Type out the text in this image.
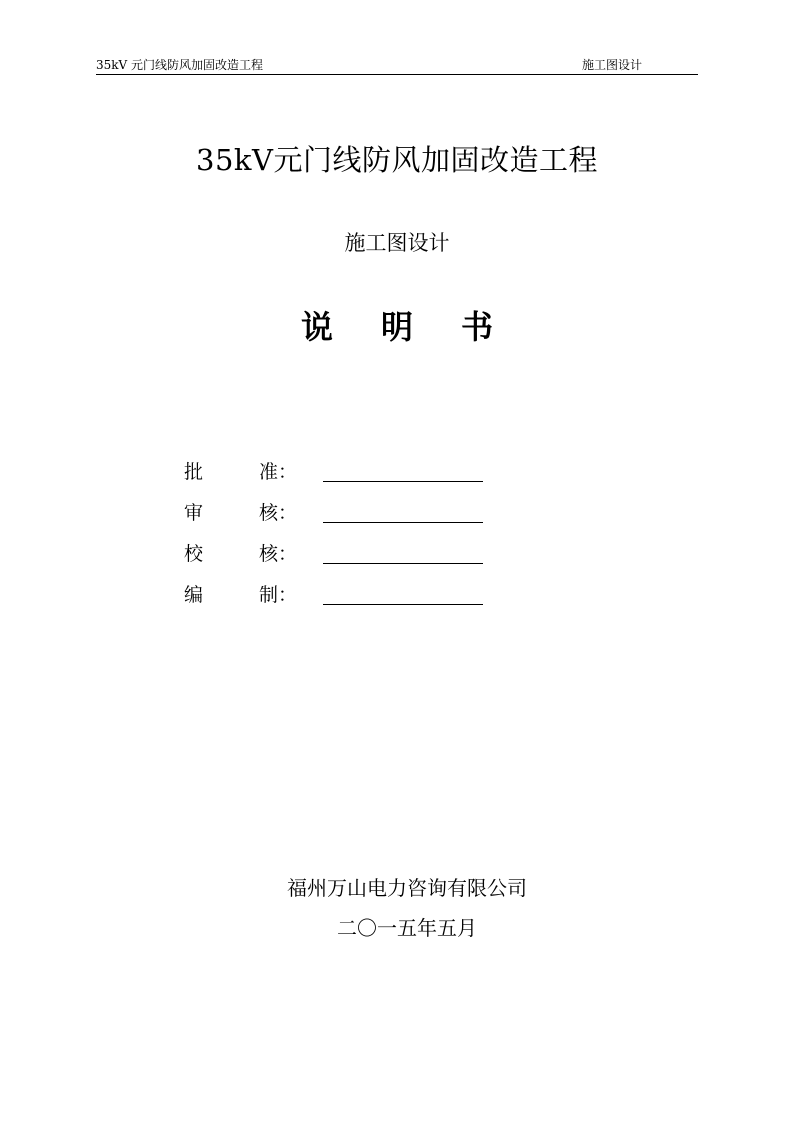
35kV 元门线防风加固改造工程	施工图设计
35kV元门线防风加固改造工程
施工图设计
说 明 书
批	准：
审	核：
校	核：
编	制：
福州万山电力咨询有限公司
二〇一五年五月
